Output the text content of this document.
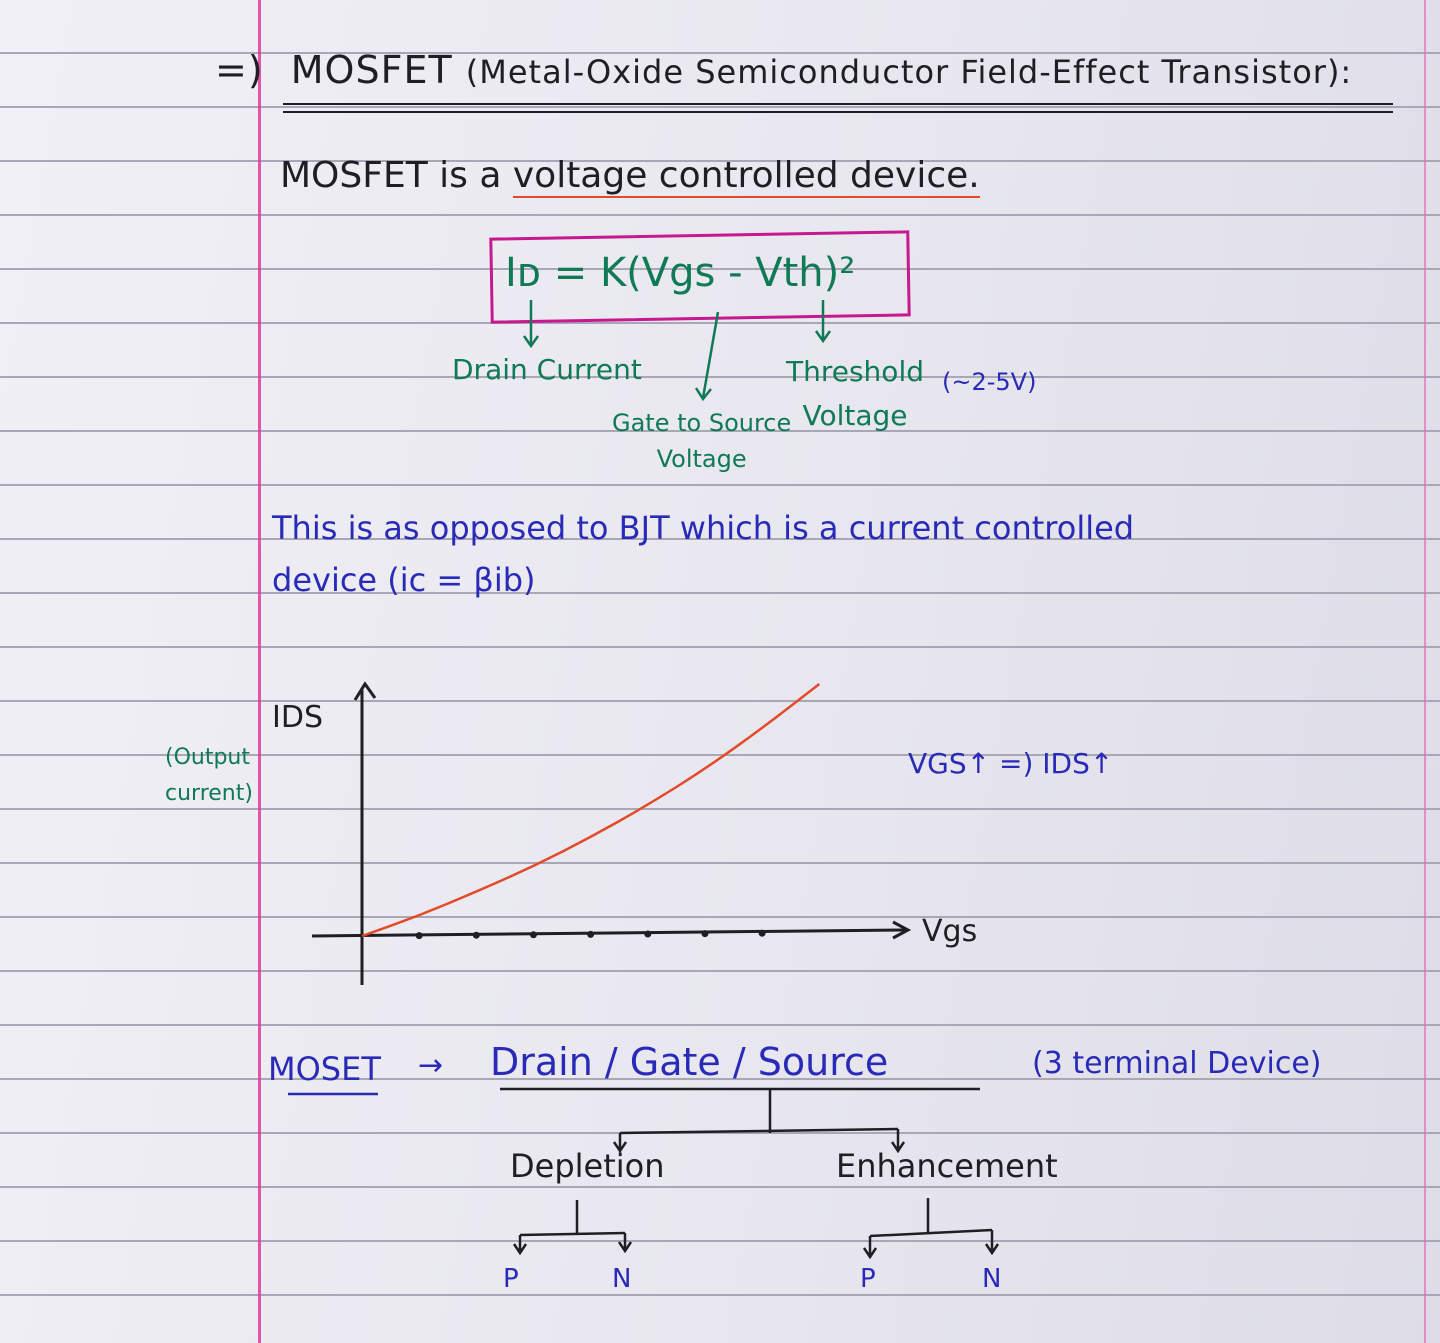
=) MOSFET (Metal-Oxide Semiconductor Field-Effect Transistor):
MOSFET is a voltage controlled device.
Iᴅ = K(Vgs - Vth)²
Drain Current
Gate to Source
Voltage
Threshold
Voltage
(~2-5V)
This is as opposed to BJT which is a current controlled
device (ic = βib)
IDS
(Output
current)
VGS↑ =) IDS↑
Vgs
MOSET → Drain / Gate / Source	(3 terminal Device)
Depletion	Enhancement
P	N	P	N
